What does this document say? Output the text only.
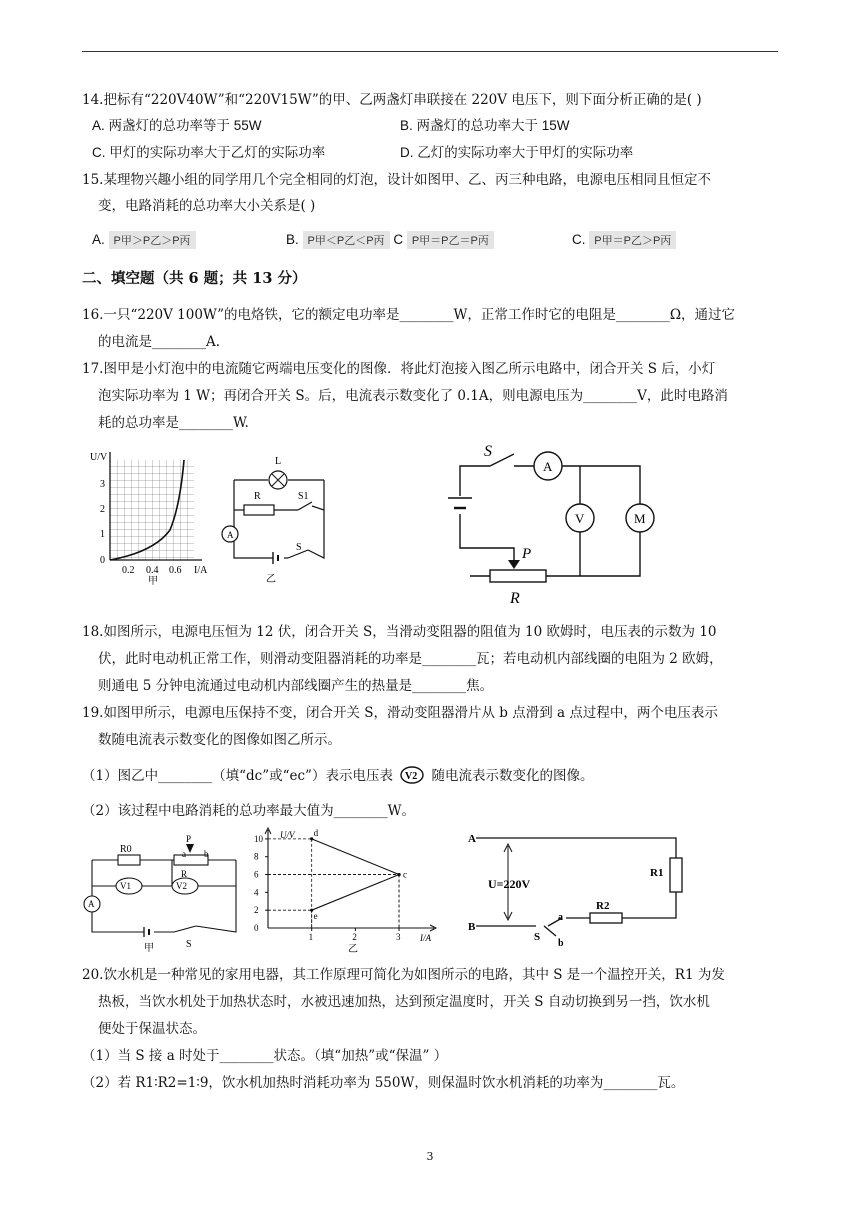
14.把标有“220V40W”和“220V15W”的甲、乙两盏灯串联接在 220V 电压下，则下面分析正确的是( )
A. 两盏灯的总功率等于 55W	B. 两盏灯的总功率大于 15W
C. 甲灯的实际功率大于乙灯的实际功率	D. 乙灯的实际功率大于甲灯的实际功率
15.某理物兴趣小组的同学用几个完全相同的灯泡，设计如图甲、乙、丙三种电路，电源电压相同且恒定不
变，电路消耗的总功率大小关系是( )
A. P甲＞P乙＞P丙	B. P甲＜P乙＜P丙 C P甲＝P乙＝P丙	C. P甲＝P乙＞P丙
二、填空题（共 6 题；共 13 分）
16.一只“220V 100W”的电烙铁，它的额定电功率是________W，正常工作时它的电阻是________Ω，通过它
的电流是________A.
17.图甲是小灯泡中的电流随它两端电压变化的图像．将此灯泡接入图乙所示电路中，闭合开关 S 后，小灯
泡实际功率为 1 W；再闭合开关 S。后，电流表示数变化了 0.1A，则电源电压为________V，此时电路消
耗的总功率是________W.
U/V
3
2
1
0
0.2 0.4 0.6 I/A
甲
L
R	S1
A
S
乙
S
A
V	M
P
R
18.如图所示，电源电压恒为 12 伏，闭合开关 S，当滑动变阻器的阻值为 10 欧姆时，电压表的示数为 10
伏，此时电动机正常工作，则滑动变阻器消耗的功率是________瓦；若电动机内部线圈的电阻为 2 欧姆，
则通电 5 分钟电流通过电动机内部线圈产生的热量是________焦。
19.如图甲所示，电源电压保持不变，闭合开关 S，滑动变阻器滑片从 b 点滑到 a 点过程中，两个电压表示
数随电流表示数变化的图像如图乙所示。
（1）图乙中________（填“dc”或“ec”）表示电压表 V2 随电流表示数变化的图像。
（2）该过程中电路消耗的总功率最大值为________W。
R0
P
R
a b
V1	V2
A
S
甲
10
8
6
4
2
0
1	2	3
d
c
e
U/V
I/A
乙
A
B
U=220V
R1
R2
a
b
S
20.饮水机是一种常见的家用电器，其工作原理可简化为如图所示的电路，其中 S 是一个温控开关，R1 为发
热板，当饮水机处于加热状态时，水被迅速加热，达到预定温度时，开关 S 自动切换到另一挡，饮水机
便处于保温状态。
（1）当 S 接 a 时处于________状态。（填“加热”或“保温” ）
（2）若 R1∶R2=1∶9，饮水机加热时消耗功率为 550W，则保温时饮水机消耗的功率为________瓦。
3
